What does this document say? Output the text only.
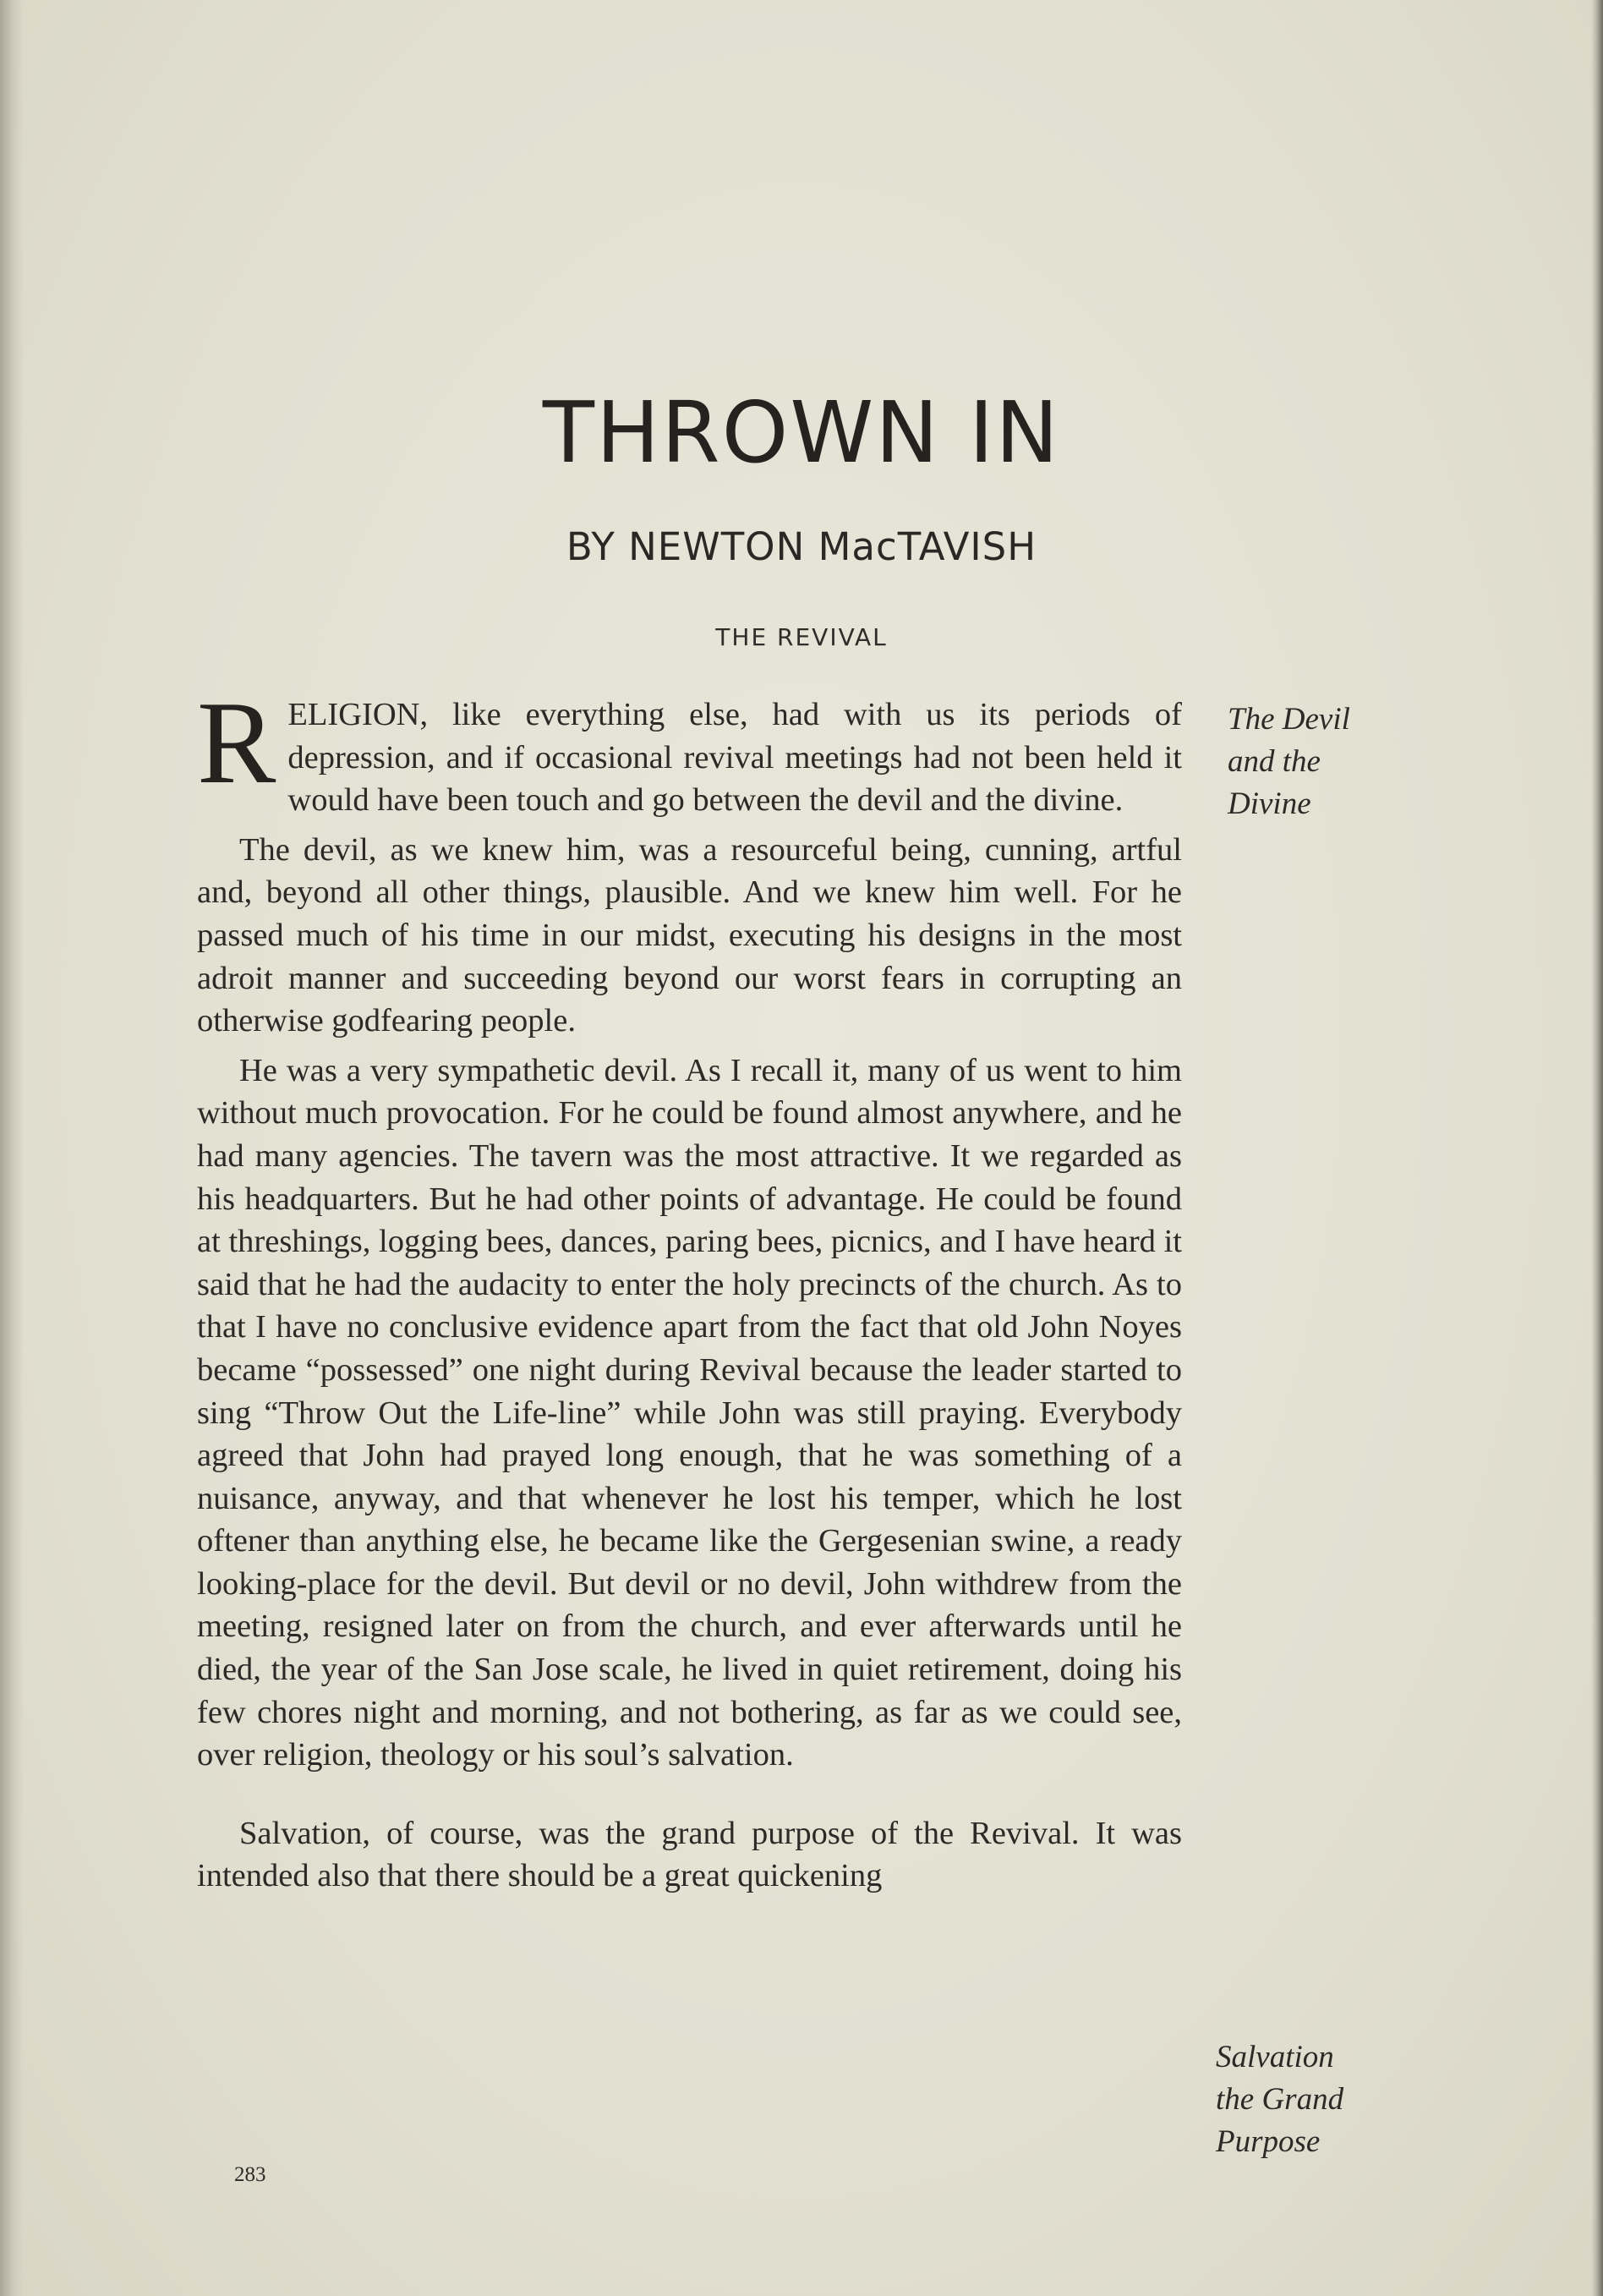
THROWN IN
BY NEWTON MacTAVISH
THE REVIVAL

RELIGION, like everything else, had with us its periods of depression, and if occasional revival meetings had not been held it would have been touch and go between the devil and the divine.

The devil, as we knew him, was a resourceful being, cunning, artful and, beyond all other things, plausible. And we knew him well. For he passed much of his time in our midst, executing his designs in the most adroit manner and succeeding beyond our worst fears in corrupting an otherwise godfearing people.

He was a very sympathetic devil. As I recall it, many of us went to him without much provocation. For he could be found almost anywhere, and he had many agencies. The tavern was the most attractive. It we regarded as his headquarters. But he had other points of advantage. He could be found at threshings, logging bees, dances, paring bees, picnics, and I have heard it said that he had the audacity to enter the holy precincts of the church. As to that I have no conclusive evidence apart from the fact that old John Noyes became “possessed” one night during Revival because the leader started to sing “Throw Out the Life-line” while John was still praying. Everybody agreed that John had prayed long enough, that he was something of a nuisance, anyway, and that whenever he lost his temper, which he lost oftener than anything else, he became like the Gergesenian swine, a ready looking-place for the devil. But devil or no devil, John withdrew from the meeting, resigned later on from the church, and ever afterwards until he died, the year of the San Jose scale, he lived in quiet retirement, doing his few chores night and morning, and not bothering, as far as we could see, over religion, theology or his soul’s salvation.

Salvation, of course, was the grand purpose of the Revival. It was intended also that there should be a great quickening

The Devil
and the
Divine
Salvation
the Grand
Purpose
283
